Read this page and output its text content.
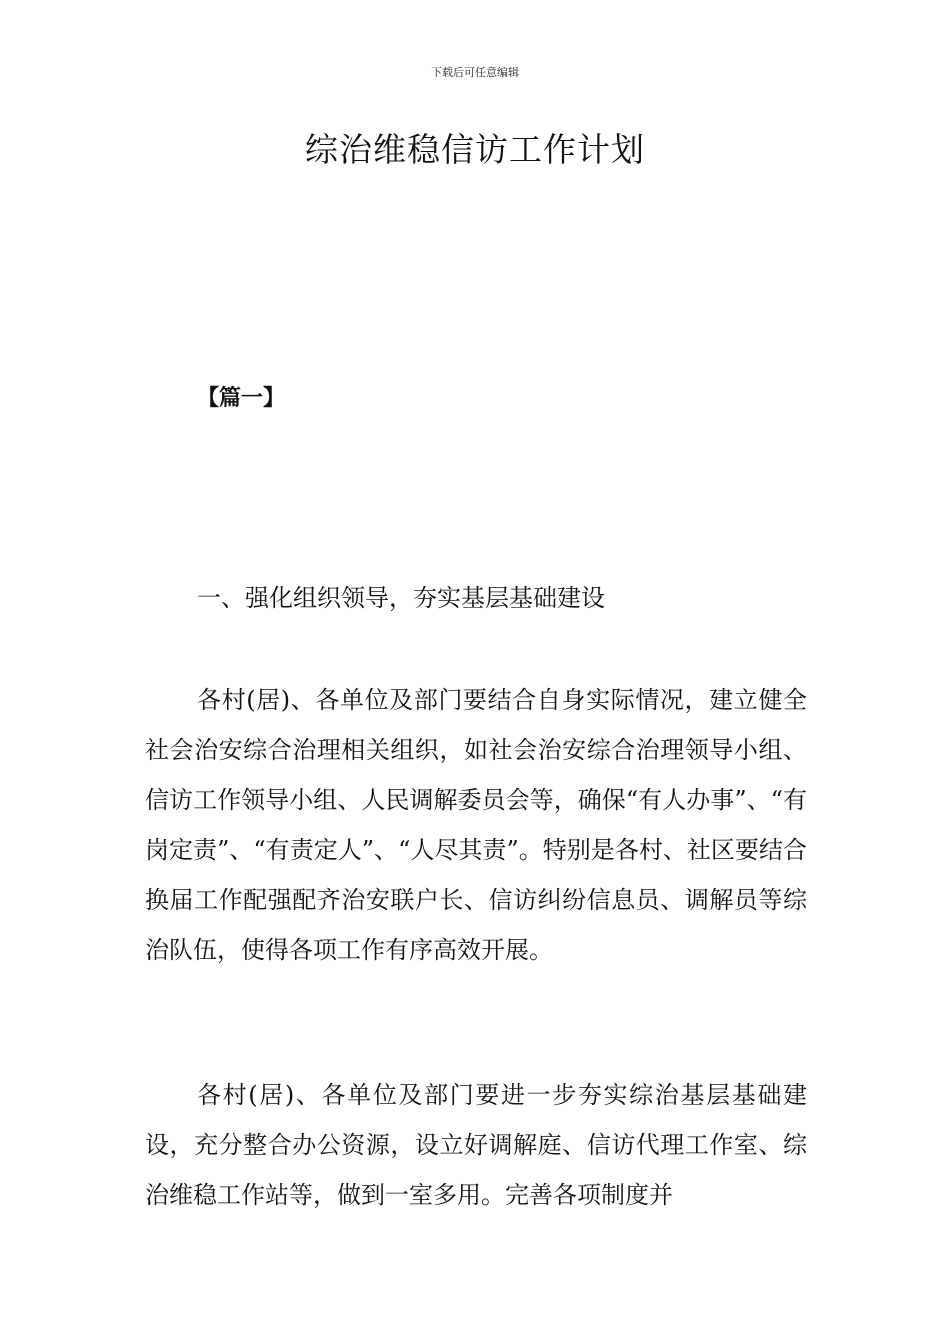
下载后可任意编辑
综治维稳信访工作计划
【篇一】
一、强化组织领导，夯实基层基础建设

各村(居)、各单位及部门要结合自身实际情况，建立健全社会治安综合治理相关组织，如社会治安综合治理领导小组、信访工作领导小组、人民调解委员会等，确保“有人办事”、“有岗定责”、“有责定人”、“人尽其责”。特别是各村、社区要结合换届工作配强配齐治安联户长、信访纠纷信息员、调解员等综治队伍，使得各项工作有序高效开展。

各村(居)、各单位及部门要进一步夯实综治基层基础建设，充分整合办公资源，设立好调解庭、信访代理工作室、综治维稳工作站等，做到一室多用。完善各项制度并
